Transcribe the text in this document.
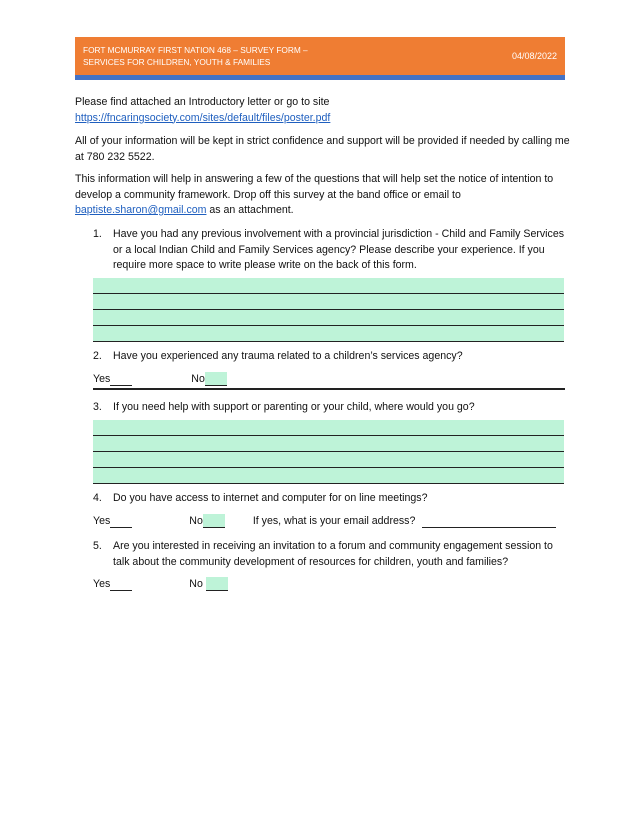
FORT MCMURRAY FIRST NATION 468 – SURVEY FORM –
SERVICES FOR CHILDREN, YOUTH & FAMILIES
04/08/2022
Please find attached an Introductory letter or go to site
https://fncaringsociety.com/sites/default/files/poster.pdf
All of your information will be kept in strict confidence and support will be provided if needed by calling me at 780 232 5522.
This information will help in answering a few of the questions that will help set the notice of intention to develop a community framework. Drop off this survey at the band office or email to
baptiste.sharon@gmail.com as an attachment.
1. Have you had any previous involvement with a provincial jurisdiction - Child and Family Services or a local Indian Child and Family Services agency? Please describe your experience. If you require more space to write please write on the back of this form.
2. Have you experienced any trauma related to a children’s services agency?
Yes	No
3. If you need help with support or parenting or your child, where would you go?
4. Do you have access to internet and computer for on line meetings?
Yes	No	If yes, what is your email address?
5. Are you interested in receiving an invitation to a forum and community engagement session to talk about the community development of resources for children, youth and families?
Yes	No
